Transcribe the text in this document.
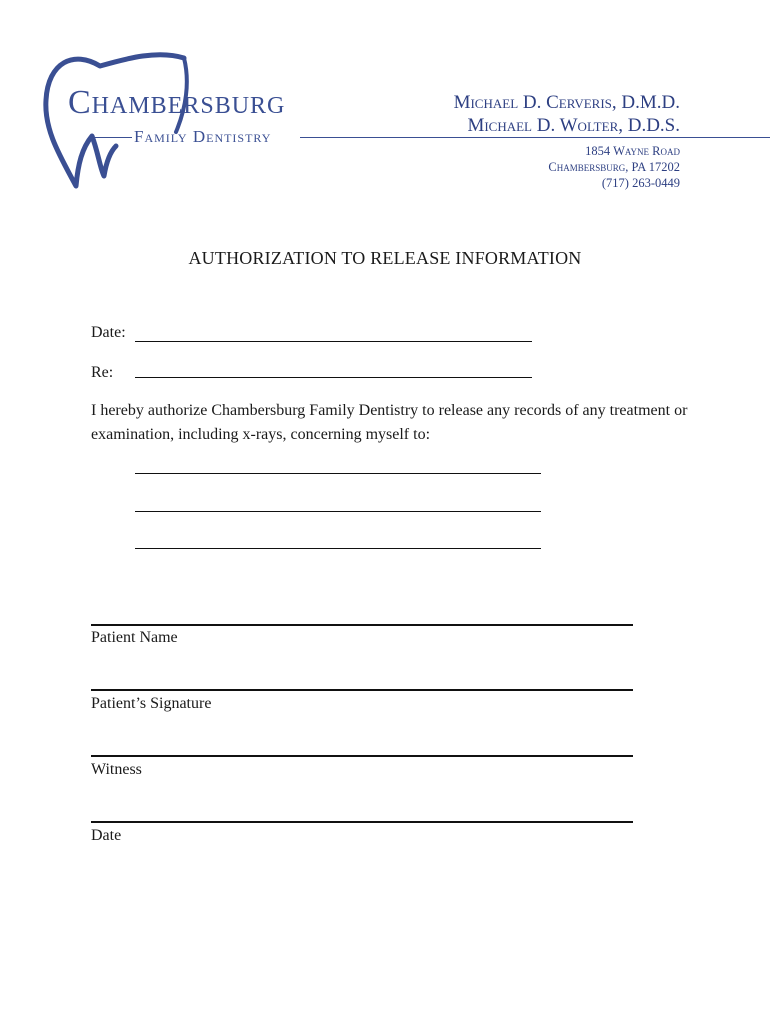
Chambersburg
Family Dentistry
Michael D. Cerveris, D.M.D.
Michael D. Wolter, D.D.S.
1854 Wayne Road
Chambersburg, PA 17202
(717) 263-0449
AUTHORIZATION TO RELEASE INFORMATION
Date:
Re:
I hereby authorize Chambersburg Family Dentistry to release any records of any treatment or examination, including x-rays, concerning myself to:
Patient Name
Patient’s Signature
Witness
Date
